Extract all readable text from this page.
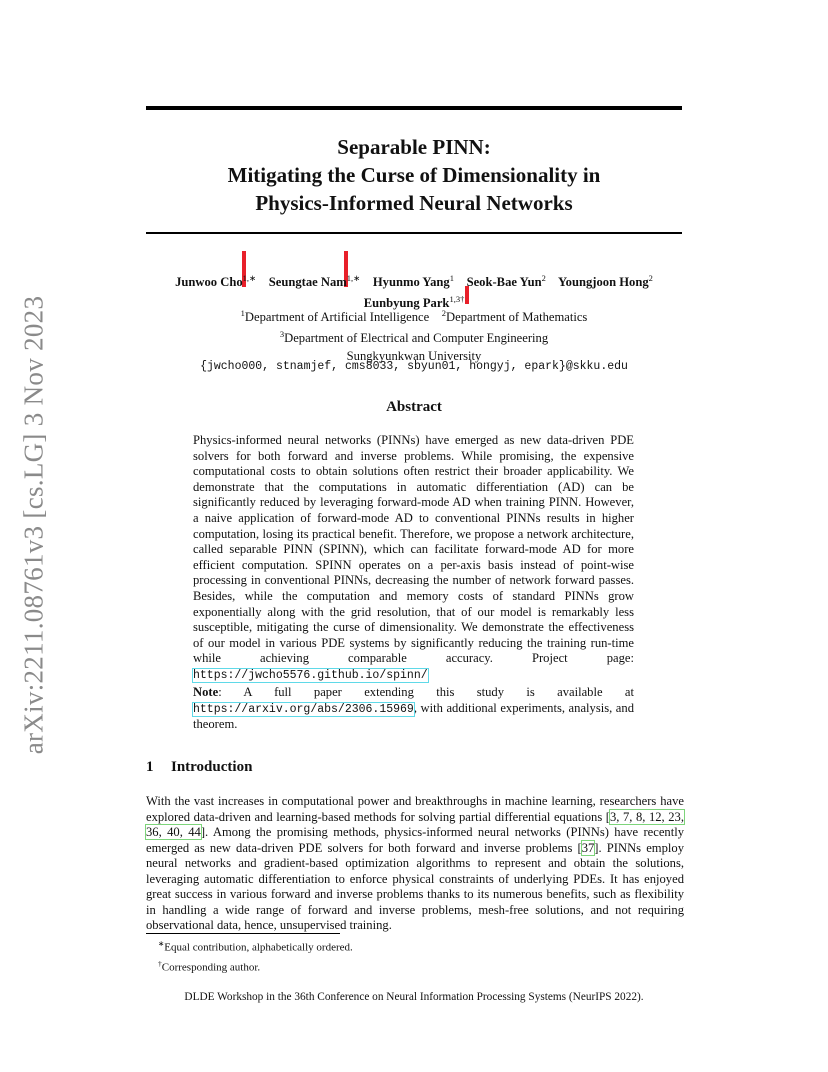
arXiv:2211.08761v3 [cs.LG] 3 Nov 2023
Separable PINN:
Mitigating the Curse of Dimensionality in
Physics-Informed Neural Networks
Junwoo Cho$^{1,∗}$ Seungtae Nam$^{1,∗}$ Hyunmo Yang$^1$ Seok-Bae Yun$^2$ Youngjoon Hong$^2$
Eunbyung Park$^{1,3\dagger}$
$^1$Department of Artificial Intelligence $^2$Department of Mathematics
$^3$Department of Electrical and Computer Engineering
Sungkyunkwan University
{jwcho000, stnamjef, cms8033, sbyun01, hongyj, epark}@skku.edu
Abstract
Physics-informed neural networks (PINNs) have emerged as new data-driven PDE solvers for both forward and inverse problems. While promising, the expensive computational costs to obtain solutions often restrict their broader applicability. We demonstrate that the computations in automatic differentiation (AD) can be significantly reduced by leveraging forward-mode AD when training PINN. However, a naive application of forward-mode AD to conventional PINNs results in higher computation, losing its practical benefit. Therefore, we propose a network architecture, called separable PINN (SPINN), which can facilitate forward-mode AD for more efficient computation. SPINN operates on a per-axis basis instead of point-wise processing in conventional PINNs, decreasing the number of network forward passes. Besides, while the computation and memory costs of standard PINNs grow exponentially along with the grid resolution, that of our model is remarkably less susceptible, mitigating the curse of dimensionality. We demonstrate the effectiveness of our model in various PDE systems by significantly reducing the training run-time while achieving comparable accuracy. Project page: https://jwcho5576.github.io/spinn/
Note: A full paper extending this study is available at https://arxiv.org/abs/2306.15969, with additional experiments, analysis, and theorem.
1 Introduction
With the vast increases in computational power and breakthroughs in machine learning, researchers have explored data-driven and learning-based methods for solving partial differential equations [3, 7, 8, 12, 23, 36, 40, 44]. Among the promising methods, physics-informed neural networks (PINNs) have recently emerged as new data-driven PDE solvers for both forward and inverse problems [37]. PINNs employ neural networks and gradient-based optimization algorithms to represent and obtain the solutions, leveraging automatic differentiation to enforce physical constraints of underlying PDEs. It has enjoyed great success in various forward and inverse problems thanks to its numerous benefits, such as flexibility in handling a wide range of forward and inverse problems, mesh-free solutions, and not requiring observational data, hence, unsupervised training.
∗Equal contribution, alphabetically ordered.
†Corresponding author.
DLDE Workshop in the 36th Conference on Neural Information Processing Systems (NeurIPS 2022).
